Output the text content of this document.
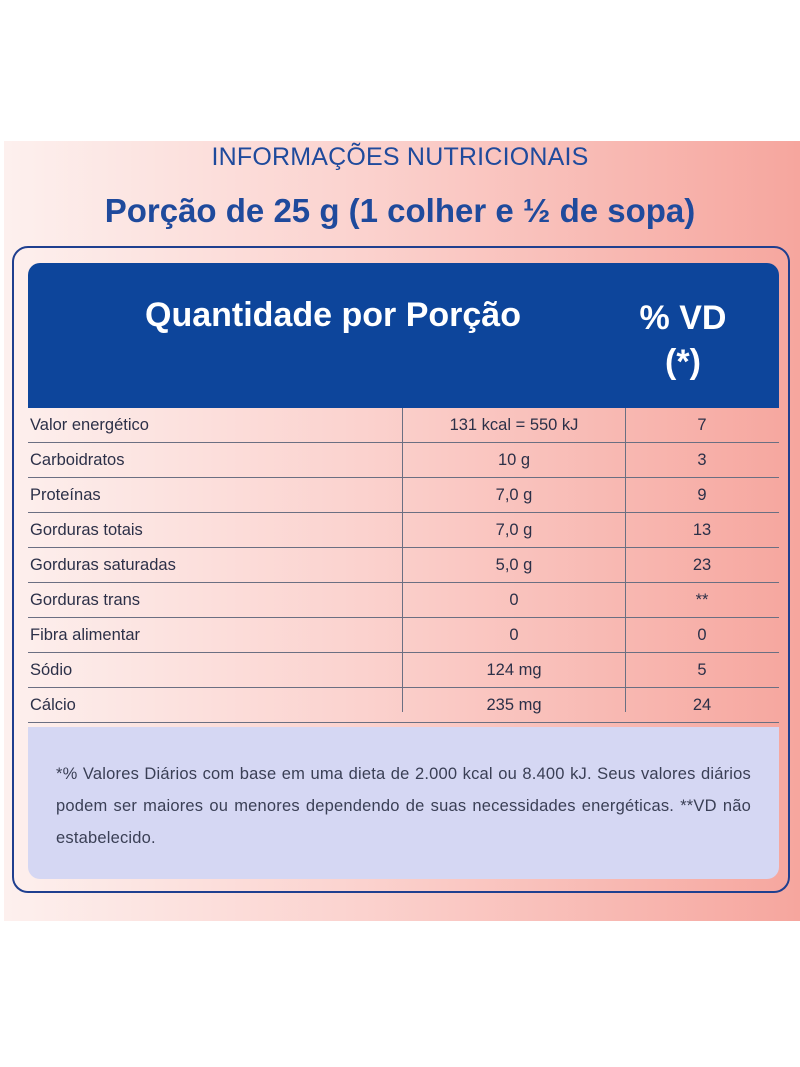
INFORMAÇÕES NUTRICIONAIS
Porção de 25 g (1 colher e ½ de sopa)
Quantidade por Porção	% VD
(*)
Valor energético	131 kcal = 550 kJ	7
Carboidratos	10 g	3
Proteínas	7,0 g	9
Gorduras totais	7,0 g	13
Gorduras saturadas	5,0 g	23
Gorduras trans	0	**
Fibra alimentar	0	0
Sódio	124 mg	5
Cálcio	235 mg	24

*% Valores Diários com base em uma dieta de 2.000 kcal ou 8.400 kJ. Seus valores diários podem ser maiores ou menores dependendo de suas necessidades energéticas. **VD não estabelecido.
